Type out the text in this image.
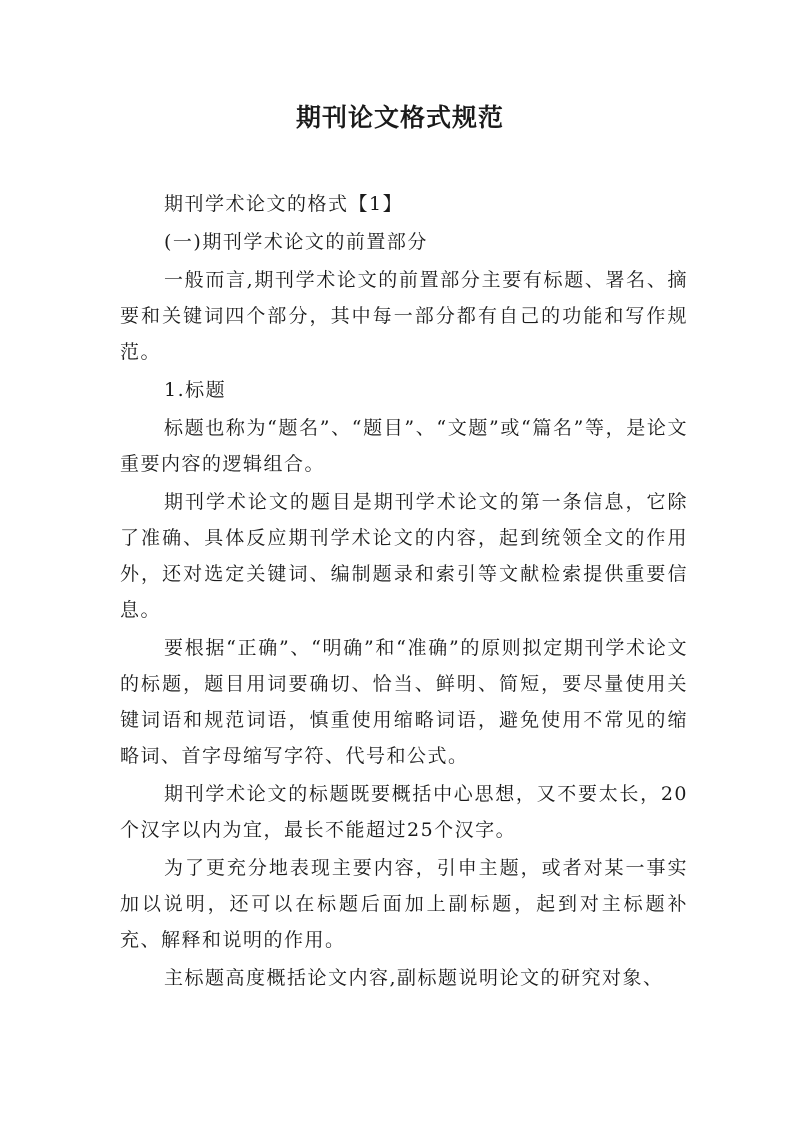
期刊论文格式规范

期刊学术论文的格式【1】

(一)期刊学术论文的前置部分

一般而言,期刊学术论文的前置部分主要有标题、署名、摘要和关键词四个部分，其中每一部分都有自己的功能和写作规范。

1.标题

标题也称为“题名”、“题目”、“文题”或“篇名”等，是论文重要内容的逻辑组合。

期刊学术论文的题目是期刊学术论文的第一条信息，它除了准确、具体反应期刊学术论文的内容，起到统领全文的作用外，还对选定关键词、编制题录和索引等文献检索提供重要信息。

要根据“正确”、“明确”和“准确”的原则拟定期刊学术论文的标题，题目用词要确切、恰当、鲜明、简短，要尽量使用关键词语和规范词语，慎重使用缩略词语，避免使用不常见的缩略词、首字母缩写字符、代号和公式。

期刊学术论文的标题既要概括中心思想，又不要太长，20个汉字以内为宜，最长不能超过25个汉字。

为了更充分地表现主要内容，引申主题，或者对某一事实加以说明，还可以在标题后面加上副标题，起到对主标题补充、解释和说明的作用。

主标题高度概括论文内容,副标题说明论文的研究对象、
